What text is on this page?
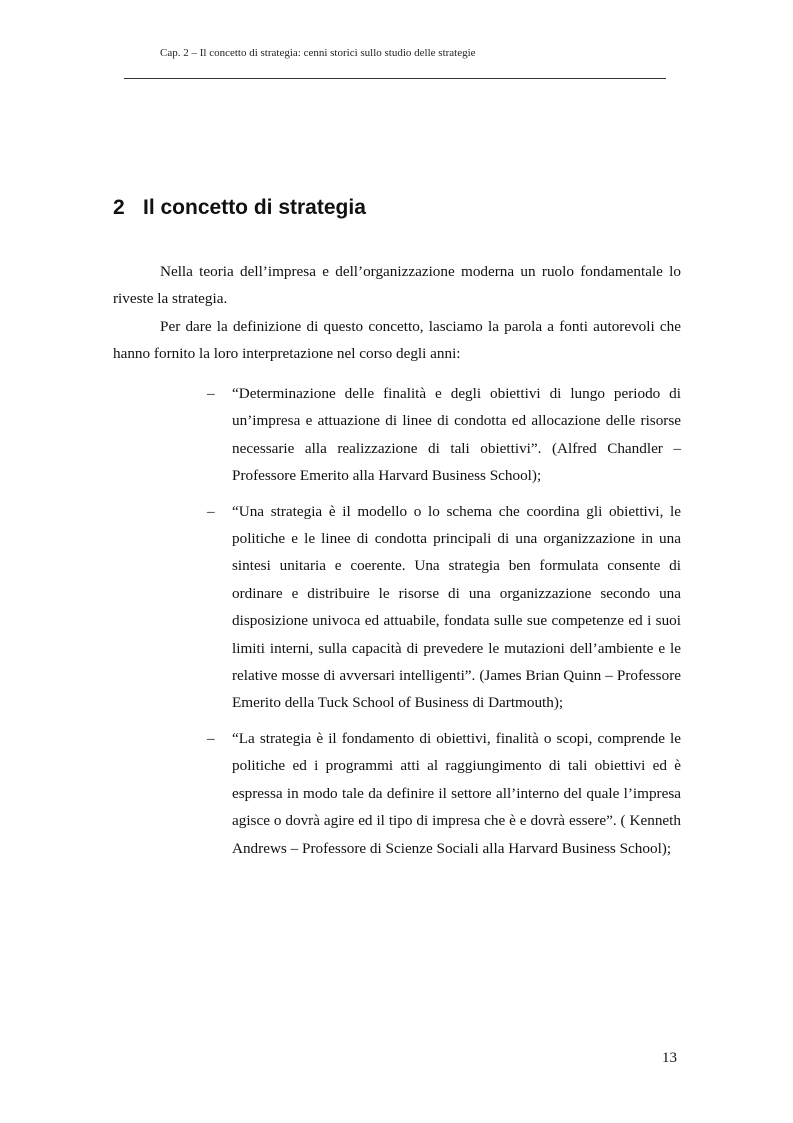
Cap. 2 – Il concetto di strategia: cenni storici sullo studio delle strategie
2 Il concetto di strategia

Nella teoria dell’impresa e dell’organizzazione moderna un ruolo fondamentale lo riveste la strategia.

Per dare la definizione di questo concetto, lasciamo la parola a fonti autorevoli che hanno fornito la loro interpretazione nel corso degli anni:

– “Determinazione delle finalità e degli obiettivi di lungo periodo di un’impresa e attuazione di linee di condotta ed allocazione delle risorse necessarie alla realizzazione di tali obiettivi”. (Alfred Chandler – Professore Emerito alla Harvard Business School);
– “Una strategia è il modello o lo schema che coordina gli obiettivi, le politiche e le linee di condotta principali di una organizzazione in una sintesi unitaria e coerente. Una strategia ben formulata consente di ordinare e distribuire le risorse di una organizzazione secondo una disposizione univoca ed attuabile, fondata sulle sue competenze ed i suoi limiti interni, sulla capacità di prevedere le mutazioni dell’ambiente e le relative mosse di avversari intelligenti”. (James Brian Quinn – Professore Emerito della Tuck School of Business di Dartmouth);
– “La strategia è il fondamento di obiettivi, finalità o scopi, comprende le politiche ed i programmi atti al raggiungimento di tali obiettivi ed è espressa in modo tale da definire il settore all’interno del quale l’impresa agisce o dovrà agire ed il tipo di impresa che è e dovrà essere”. ( Kenneth Andrews – Professore di Scienze Sociali alla Harvard Business School);
13
